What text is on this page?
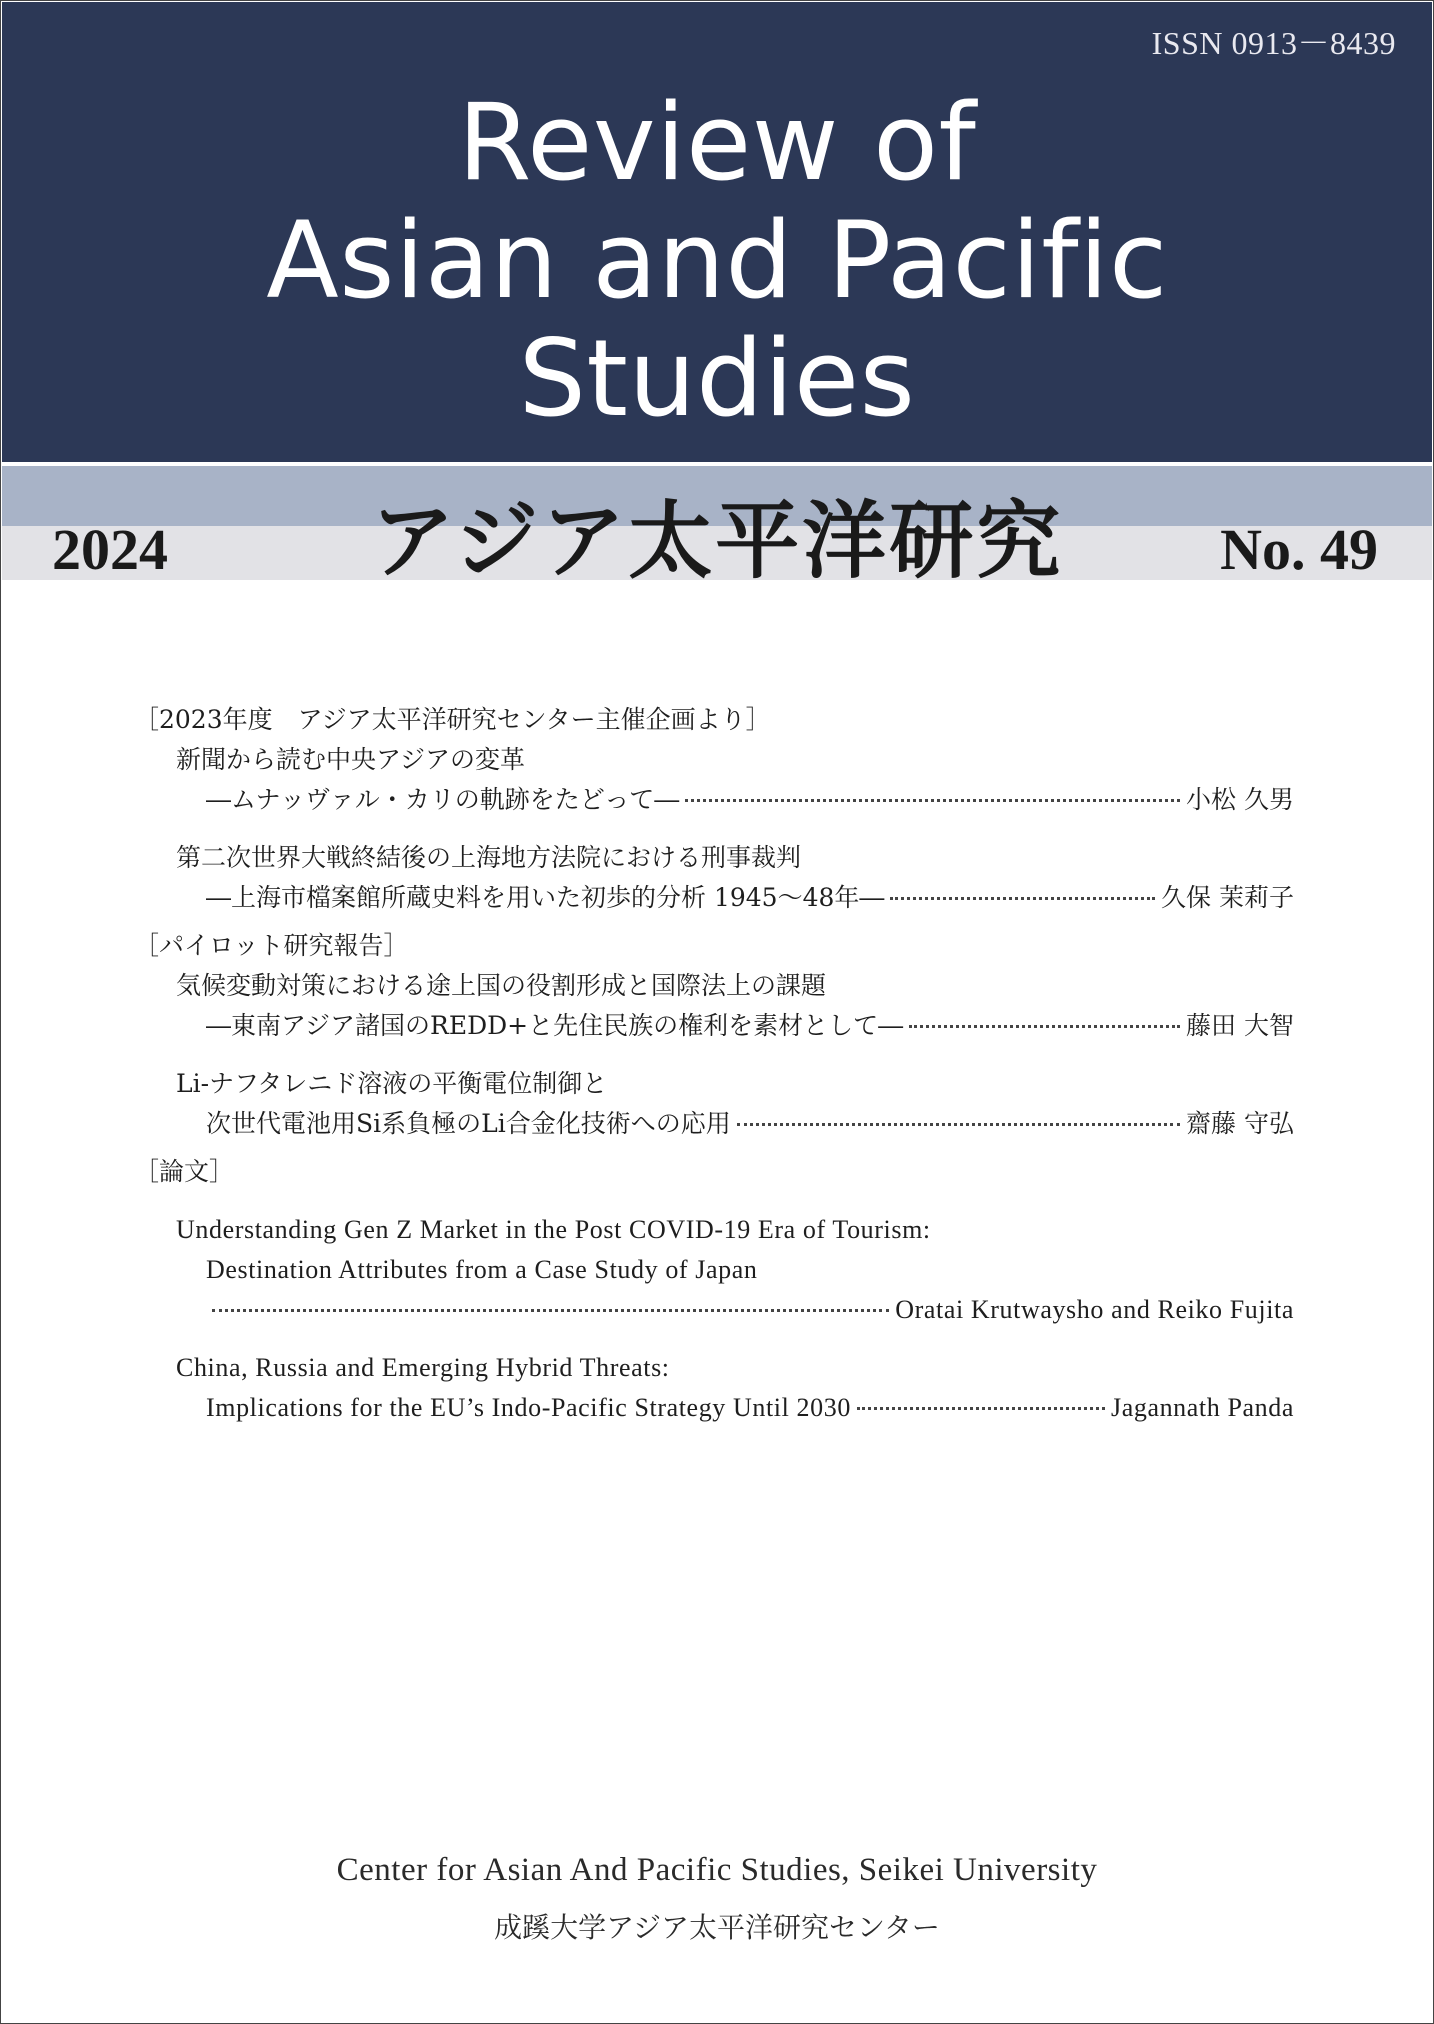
ISSN 0913－8439
Review of
Asian and Pacific
Studies
2024	アジア太平洋研究	No. 49
［2023年度　アジア太平洋研究センター主催企画より］
新聞から読む中央アジアの変革
―ムナッヴァル・カリの軌跡をたどって―	小松 久男
第二次世界大戦終結後の上海地方法院における刑事裁判
―上海市檔案館所蔵史料を用いた初歩的分析 1945～48年―	久保 茉莉子
［パイロット研究報告］
気候変動対策における途上国の役割形成と国際法上の課題
―東南アジア諸国のREDD+と先住民族の権利を素材として―	藤田 大智
Li-ナフタレニド溶液の平衡電位制御と
次世代電池用Si系負極のLi合金化技術への応用	齋藤 守弘
［論文］
Understanding Gen Z Market in the Post COVID-19 Era of Tourism:
Destination Attributes from a Case Study of Japan
Oratai Krutwaysho and Reiko Fujita
China, Russia and Emerging Hybrid Threats:
Implications for the EU’s Indo-Pacific Strategy Until 2030	Jagannath Panda
Center for Asian And Pacific Studies, Seikei University
成蹊大学アジア太平洋研究センター
